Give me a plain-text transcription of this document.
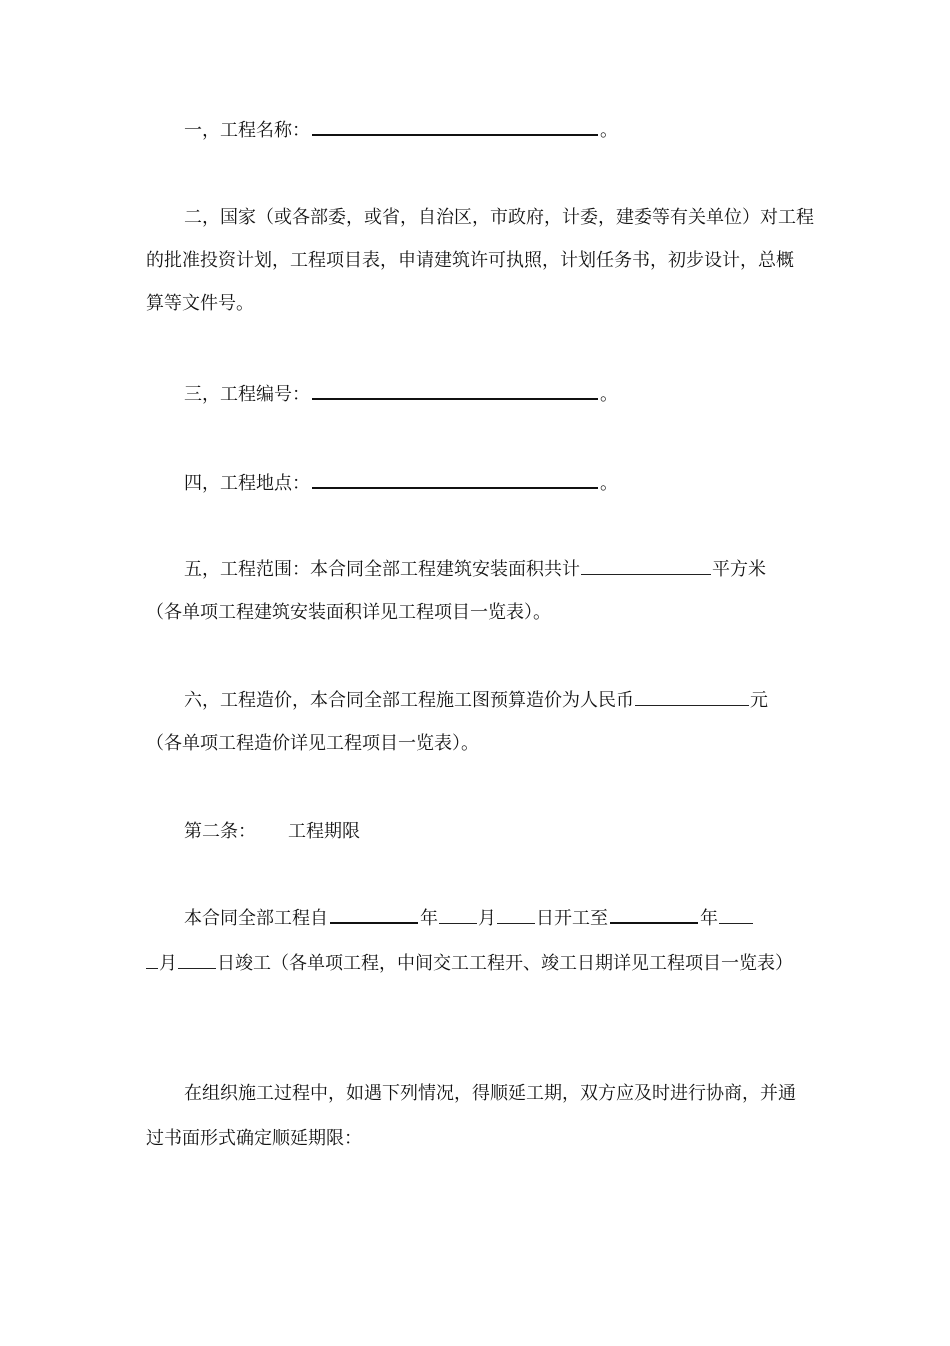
一，工程名称：	。
二，国家（或各部委，或省，自治区，市政府，计委，建委等有关单位）对工程
的批准投资计划，工程项目表，申请建筑许可执照，计划任务书，初步设计，总概
算等文件号。
三，工程编号：	。
四，工程地点：	。
五，工程范围：本合同全部工程建筑安装面积共计	平方米
（各单项工程建筑安装面积详见工程项目一览表）。
六，工程造价，本合同全部工程施工图预算造价为人民币	元
（各单项工程造价详见工程项目一览表）。
第二条： 工程期限
本合同全部工程自	年 月 日开工至	年
月 日竣工（各单项工程，中间交工工程开、竣工日期详见工程项目一览表）
在组织施工过程中，如遇下列情况，得顺延工期，双方应及时进行协商，并通
过书面形式确定顺延期限：
